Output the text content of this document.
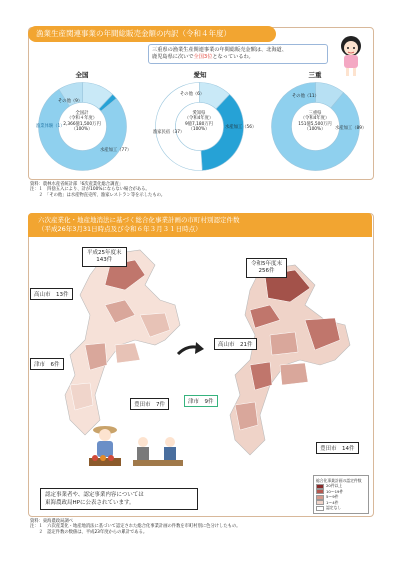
漁業生産関連事業の年間総販売金額の内訳（令和４年度）
三重県の漁業生産関連事業の年間総販売金額は、北海道、
鹿児島県に次いで全国3位となっているわ。
全国	愛知	三重
全国計
（令和４年度）
2,366億1,500万円
（100%）
愛知県
（令和4年度）
9億7,180万円
（100%）
三重県
（令和4年度）
151億5,500万円
（100%）
その他（9）
漁業体験（1）
水産加工（77）
その他（6）
漁家民宿（37）
水産加工（56）
その他（11）
水産加工（89）
資料：農林水産省統計部「6次産業化総合調査」
注：１　四捨五入により、計が100%にならない場合がある。
　　２　「その他」は水産物直売所、漁家レストラン等を示したもの。
六次産業化・地産地消法に基づく総合化事業計画の市町村別認定件数
（平成26年3月31日時点及び令和６年３月３１日時点）
平成25年度末
143件
高山市　13件
津市　6件
豊田市　7件
令和5年度末
256件
高山市　21件
津市　9件
豊田市　14件
認定事業者や、認定事業内容については
東海農政局HPに公表されています。
総合化事業計画の認定件数
20件以上
10〜19件
5〜9件
1〜4件
認定なし
資料：東海農政局調べ
注：１　六次産業化・地産地消法に基づいて認定された総合化事業計画の件数を市町村別に色分けしたもの。
　　２　認定件数の数値は、平成23年度からの累計である。
